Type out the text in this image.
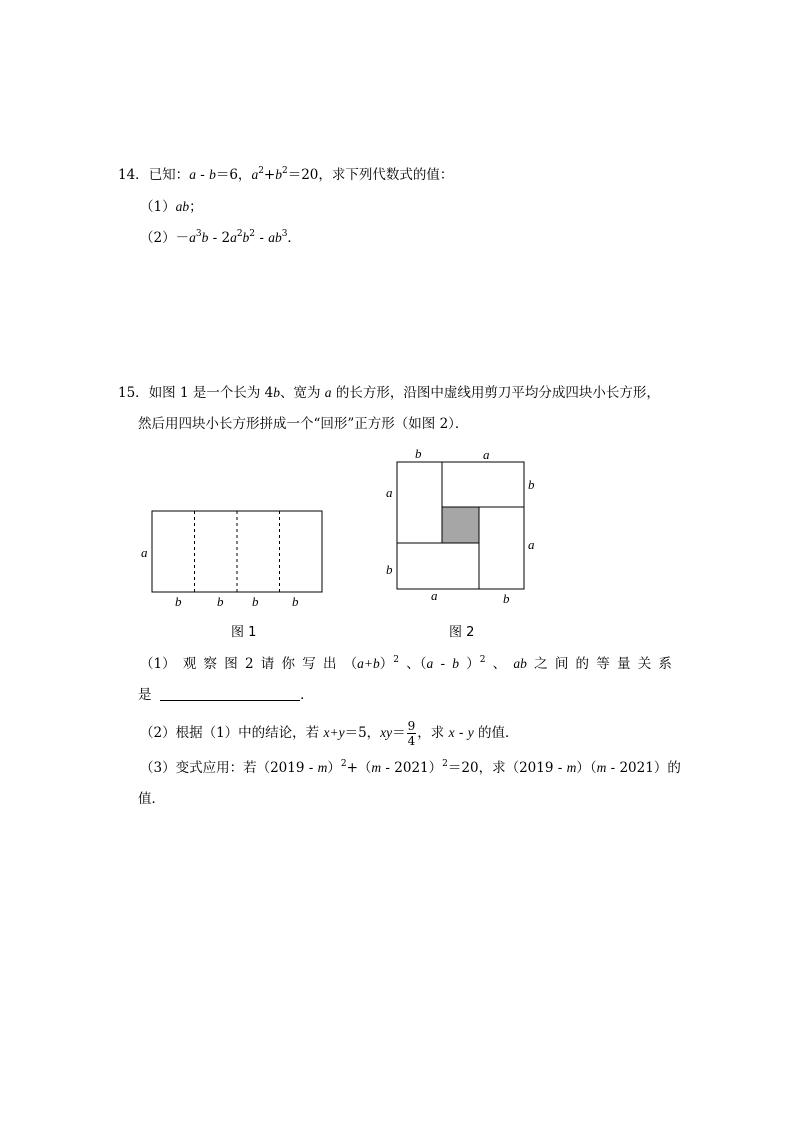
14．已知：a - b＝6，$a^2+b^2=20$，求下列代数式的值：
（1）ab；
$(2)-a^3b - 2a^2b^2 - ab^3$．
15．如图 1 是一个长为 4b、宽为 a 的长方形，沿图中虚线用剪刀平均分成四块小长方形，
然后用四块小长方形拼成一个“回形”正方形（如图 2）．
a
b	b b	b
图 1
b	a
a
b
b
a
a	b
图 2
（1） 观 察 图 2 请 你 写 出 $(a+b)^2$ 、（a - b ）$^2$ 、 ab 之 间 的 等 量 关 系
是	．
（2）根据（1）中的结论，若 x+y＝5，$xy= \frac{9}{4}$ ，求 x - y 的值．
（3）变式应用：若（2019 - m）$^2$+（m - 2021）$^2$＝20，求（2019 - m）（m - 2021）的
值．
